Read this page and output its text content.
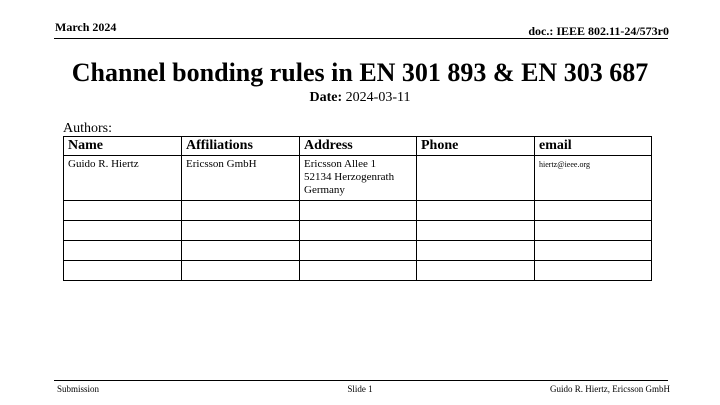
March 2024	doc.: IEEE 802.11-24/573r0
Channel bonding rules in EN 301 893 & EN 303 687
Date: 2024-03-11
Authors:
Name	Affiliations	Address	Phone	email
Guido R. Hiertz	Ericsson GmbH	Ericsson Allee 1
52134 Herzogenrath
Germany		hiertz@ieee.org

Submission	Slide 1	Guido R. Hiertz, Ericsson GmbH
